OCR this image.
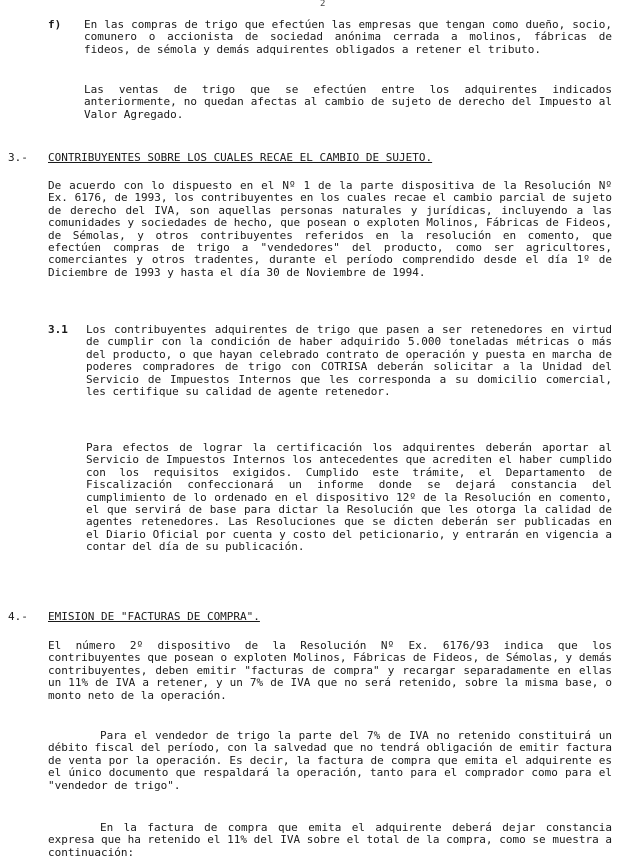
2

f) En las compras de trigo que efectúen las empresas que tengan como dueño, socio, comunero o accionista de sociedad anónima cerrada a molinos, fábricas de fideos, de sémola y demás adquirentes obligados a retener el tributo.

Las ventas de trigo que se efectúen entre los adquirentes indicados anteriormente, no quedan afectas al cambio de sujeto de derecho del Impuesto al Valor Agregado.

3.- CONTRIBUYENTES SOBRE LOS CUALES RECAE EL CAMBIO DE SUJETO.

De acuerdo con lo dispuesto en el Nº 1 de la parte dispositiva de la Resolución Nº Ex. 6176, de 1993, los contribuyentes en los cuales recae el cambio parcial de sujeto de derecho del IVA, son aquellas personas naturales y jurídicas, incluyendo a las comunidades y sociedades de hecho, que posean o exploten Molinos, Fábricas de Fideos, de Sémolas, y otros contribuyentes referidos en la resolución en comento, que efectúen compras de trigo a "vendedores" del producto, como ser agricultores, comerciantes y otros tradentes, durante el período comprendido desde el día 1º de Diciembre de 1993 y hasta el día 30 de Noviembre de 1994.

3.1 Los contribuyentes adquirentes de trigo que pasen a ser retenedores en virtud de cumplir con la condición de haber adquirido 5.000 toneladas métricas o más del producto, o que hayan celebrado contrato de operación y puesta en marcha de poderes compradores de trigo con COTRISA deberán solicitar a la Unidad del Servicio de Impuestos Internos que les corresponda a su domicilio comercial, les certifique su calidad de agente retenedor.

Para efectos de lograr la certificación los adquirentes deberán aportar al Servicio de Impuestos Internos los antecedentes que acrediten el haber cumplido con los requisitos exigidos. Cumplido este trámite, el Departamento de Fiscalización confeccionará un informe donde se dejará constancia del cumplimiento de lo ordenado en el dispositivo 12º de la Resolución en comento, el que servirá de base para dictar la Resolución que les otorga la calidad de agentes retenedores. Las Resoluciones que se dicten deberán ser publicadas en el Diario Oficial por cuenta y costo del peticionario, y entrarán en vigencia a contar del día de su publicación.

4.- EMISION DE "FACTURAS DE COMPRA".

El número 2º dispositivo de la Resolución Nº Ex. 6176/93 indica que los contribuyentes que posean o exploten Molinos, Fábricas de Fideos, de Sémolas, y demás contribuyentes, deben emitir "facturas de compra" y recargar separadamente en ellas un 11% de IVA a retener, y un 7% de IVA que no será retenido, sobre la misma base, o monto neto de la operación.

Para el vendedor de trigo la parte del 7% de IVA no retenido constituirá un débito fiscal del período, con la salvedad que no tendrá obligación de emitir factura de venta por la operación. Es decir, la factura de compra que emita el adquirente es el único documento que respaldará la operación, tanto para el comprador como para el "vendedor de trigo".

En la factura de compra que emita el adquirente deberá dejar constancia expresa que ha retenido el 11% del IVA sobre el total de la compra, como se muestra a continuación:
